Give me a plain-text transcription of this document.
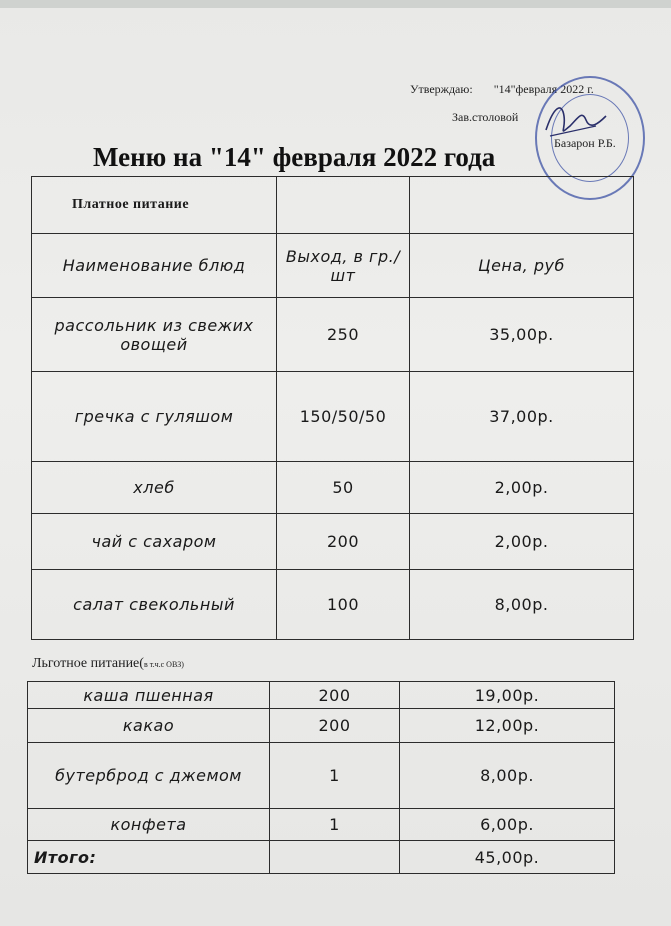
Утверждаю: "14"февраля 2022 г.
Зав.столовой
Базарон Р.Б.
Меню на "14" февраля 2022 года
Платное питание		
Наименование блюд	Выход, в гр./шт	Цена, руб
рассольник из свежих овощей	250	35,00р.
гречка с гуляшом	150/50/50	37,00р.
хлеб	50	2,00р.
чай с сахаром	200	2,00р.
салат свекольный	100	8,00р.
Льготное питание(в т.ч.с ОВЗ)
каша пшенная	200	19,00р.
какао	200	12,00р.
бутерброд с джемом	1	8,00р.
конфета	1	6,00р.
Итого:		45,00р.
